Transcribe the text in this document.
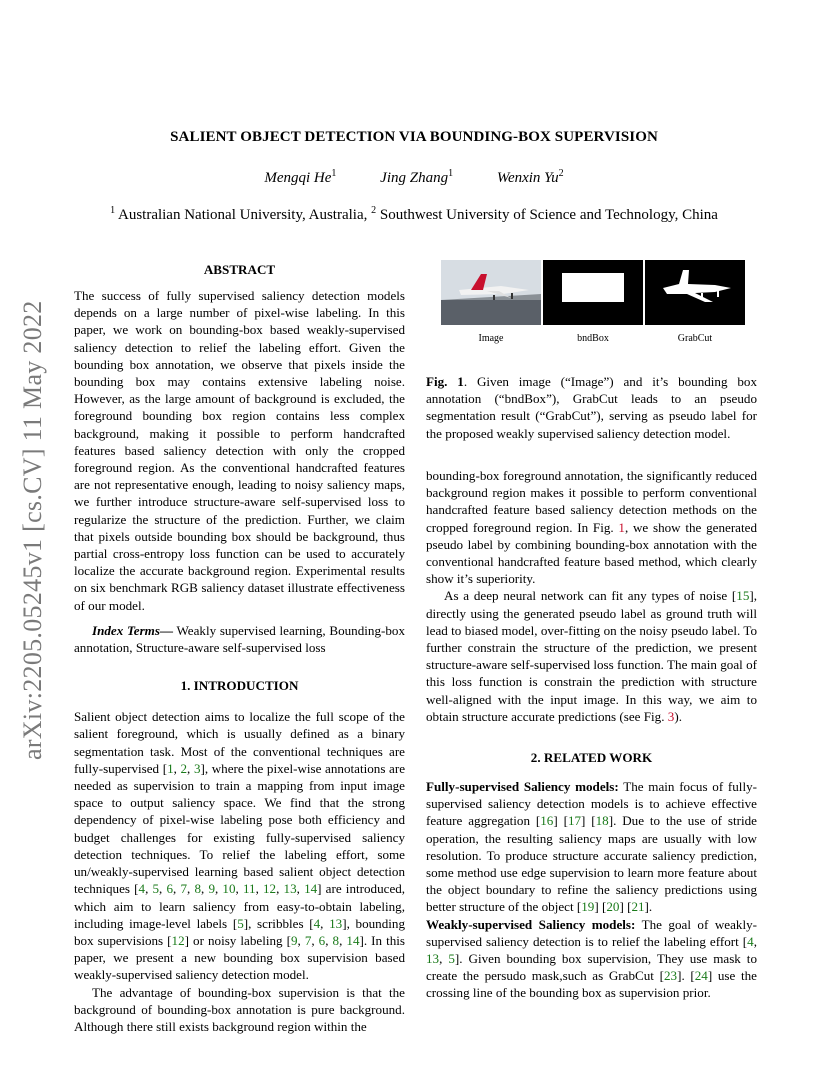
SALIENT OBJECT DETECTION VIA BOUNDING-BOX SUPERVISION
Mengqi He$^1$	Jing Zhang$^1$	Wenxin Yu$^2$
$^1$ Australian National University, Australia, $^2$ Southwest University of Science and Technology, China
arXiv:2205.05245v1 [cs.CV] 11 May 2022
ABSTRACT

The success of fully supervised saliency detection models depends on a large number of pixel-wise labeling. In this paper, we work on bounding-box based weakly-supervised saliency detection to relief the labeling effort. Given the bounding box annotation, we observe that pixels inside the bounding box may contains extensive labeling noise. However, as the large amount of background is excluded, the foreground bounding box region contains less complex background, making it possible to perform handcrafted features based saliency detection with only the cropped foreground region. As the conventional handcrafted features are not representative enough, leading to noisy saliency maps, we further introduce structure-aware self-supervised loss to regularize the structure of the prediction. Further, we claim that pixels outside bounding box should be background, thus partial cross-entropy loss function can be used to accurately localize the accurate background region. Experimental results on six benchmark RGB saliency dataset illustrate effectiveness of our model.

Index Terms— Weakly supervised learning, Bounding-box annotation, Structure-aware self-supervised loss

1. INTRODUCTION

Salient object detection aims to localize the full scope of the salient foreground, which is usually defined as a binary segmentation task. Most of the conventional techniques are fully-supervised [1, 2, 3], where the pixel-wise annotations are needed as supervision to train a mapping from input image space to output saliency space. We find that the strong dependency of pixel-wise labeling pose both efficiency and budget challenges for existing fully-supervised saliency detection techniques. To relief the labeling effort, some un/weakly-supervised learning based salient object detection techniques [4, 5, 6, 7, 8, 9, 10, 11, 12, 13, 14] are introduced, which aim to learn saliency from easy-to-obtain labeling, including image-level labels [5], scribbles [4, 13], bounding box supervisions [12] or noisy labeling [9, 7, 6, 8, 14]. In this paper, we present a new bounding box supervision based weakly-supervised saliency detection model.

The advantage of bounding-box supervision is that the background of bounding-box annotation is pure background. Although there still exists background region within the

Image	bndBox	GrabCut
Fig. 1. Given image (“Image”) and it’s bounding box annotation (“bndBox”), GrabCut leads to an pseudo segmentation result (“GrabCut”), serving as pseudo label for the proposed weakly supervised saliency detection model.

bounding-box foreground annotation, the significantly reduced background region makes it possible to perform conventional handcrafted feature based saliency detection methods on the cropped foreground region. In Fig. 1, we show the generated pseudo label by combining bounding-box annotation with the conventional handcrafted feature based method, which clearly show it’s superiority.

As a deep neural network can fit any types of noise [15], directly using the generated pseudo label as ground truth will lead to biased model, over-fitting on the noisy pseudo label. To further constrain the structure of the prediction, we present structure-aware self-supervised loss function. The main goal of this loss function is constrain the prediction with structure well-aligned with the input image. In this way, we aim to obtain structure accurate predictions (see Fig. 3).

2. RELATED WORK

Fully-supervised Saliency models: The main focus of fully-supervised saliency detection models is to achieve effective feature aggregation [16] [17] [18]. Due to the use of stride operation, the resulting saliency maps are usually with low resolution. To produce structure accurate saliency prediction, some method use edge supervision to learn more feature about the object boundary to refine the saliency predictions using better structure of the object [19] [20] [21].

Weakly-supervised Saliency models: The goal of weakly-supervised saliency detection is to relief the labeling effort [4, 13, 5]. Given bounding box supervision, They use mask to create the persudo mask,such as GrabCut [23]. [24] use the crossing line of the bounding box as supervision prior.
